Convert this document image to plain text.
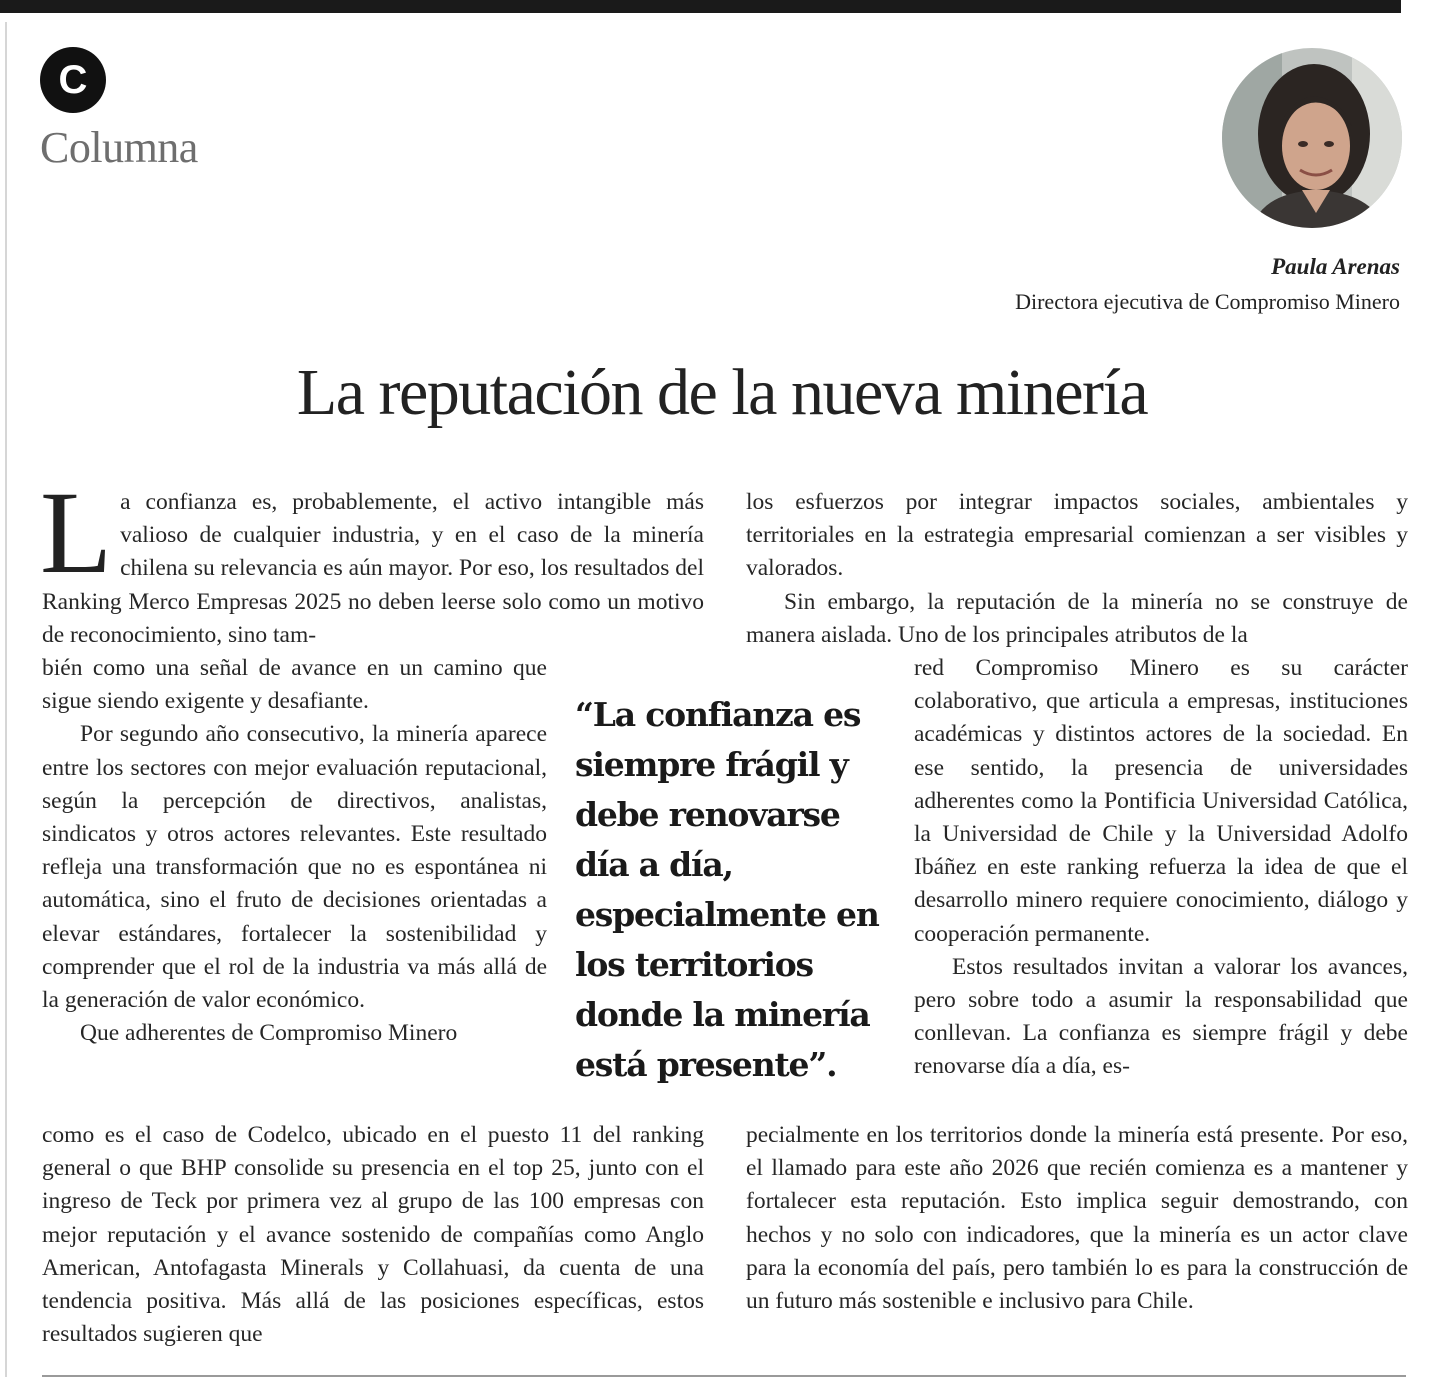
C
Columna
Paula Arenas
Directora ejecutiva de Compromiso Minero
La reputación de la nueva minería

La confianza es, probablemente, el activo intangible más valioso de cualquier industria, y en el caso de la minería chilena su relevancia es aún mayor. Por eso, los resultados del Ranking Merco Empresas 2025 no deben leerse solo como un motivo de reconocimiento, sino tam-

bién como una señal de avance en un camino que sigue siendo exigente y desafiante.

Por segundo año consecutivo, la minería aparece entre los sectores con mejor evaluación reputacional, según la percepción de directivos, analistas, sindicatos y otros actores relevantes. Este resultado refleja una transformación que no es espontánea ni automática, sino el fruto de decisiones orientadas a elevar estándares, fortalecer la sostenibilidad y comprender que el rol de la industria va más allá de la generación de valor económico.

Que adherentes de Compromiso Minero

como es el caso de Codelco, ubicado en el puesto 11 del ranking general o que BHP consolide su presencia en el top 25, junto con el ingreso de Teck por primera vez al grupo de las 100 empresas con mejor reputación y el avance sostenido de compañías como Anglo American, Antofagasta Minerals y Collahuasi, da cuenta de una tendencia positiva. Más allá de las posiciones específicas, estos resultados sugieren que

“La confianza es siempre frágil y debe renovarse día a día, especialmente en los territorios donde la minería está presente”.

los esfuerzos por integrar impactos sociales, ambientales y territoriales en la estrategia empresarial comienzan a ser visibles y valorados.

Sin embargo, la reputación de la minería no se construye de manera aislada. Uno de los principales atributos de la

red Compromiso Minero es su carácter colaborativo, que articula a empresas, instituciones académicas y distintos actores de la sociedad. En ese sentido, la presencia de universidades adherentes como la Pontificia Universidad Católica, la Universidad de Chile y la Universidad Adolfo Ibáñez en este ranking refuerza la idea de que el desarrollo minero requiere conocimiento, diálogo y cooperación permanente.

Estos resultados invitan a valorar los avances, pero sobre todo a asumir la responsabilidad que conllevan. La confianza es siempre frágil y debe renovarse día a día, es-

pecialmente en los territorios donde la minería está presente. Por eso, el llamado para este año 2026 que recién comienza es a mantener y fortalecer esta reputación. Esto implica seguir demostrando, con hechos y no solo con indicadores, que la minería es un actor clave para la economía del país, pero también lo es para la construcción de un futuro más sostenible e inclusivo para Chile.
